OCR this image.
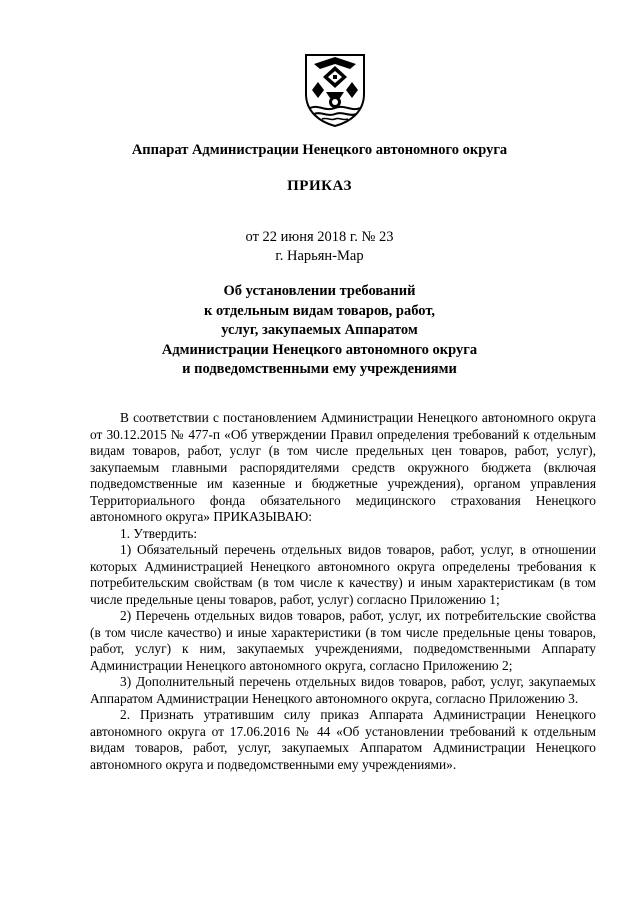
Аппарат Администрации Ненецкого автономного округа
ПРИКАЗ
от 22 июня 2018 г. № 23
г. Нарьян-Мар
Об установлении требований
к отдельным видам товаров, работ,
услуг, закупаемых Аппаратом
Администрации Ненецкого автономного округа
и подведомственными ему учреждениями

В соответствии с постановлением Администрации Ненецкого автономного округа от 30.12.2015 № 477-п «Об утверждении Правил определения требований к отдельным видам товаров, работ, услуг (в том числе предельных цен товаров, работ, услуг), закупаемым главными распорядителями средств окружного бюджета (включая подведомственные им казенные и бюджетные учреждения), органом управления Территориального фонда обязательного медицинского страхования Ненецкого автономного округа» ПРИКАЗЫВАЮ:

1. Утвердить:

1) Обязательный перечень отдельных видов товаров, работ, услуг, в отношении которых Администрацией Ненецкого автономного округа определены требования к потребительским свойствам (в том числе к качеству) и иным характеристикам (в том числе предельные цены товаров, работ, услуг) согласно Приложению 1;

2) Перечень отдельных видов товаров, работ, услуг, их потребительские свойства (в том числе качество) и иные характеристики (в том числе предельные цены товаров, работ, услуг) к ним, закупаемых учреждениями, подведомственными Аппарату Администрации Ненецкого автономного округа, согласно Приложению 2;

3) Дополнительный перечень отдельных видов товаров, работ, услуг, закупаемых Аппаратом Администрации Ненецкого автономного округа, согласно Приложению 3.

2. Признать утратившим силу приказ Аппарата Администрации Ненецкого автономного округа от 17.06.2016 № 44 «Об установлении требований к отдельным видам товаров, работ, услуг, закупаемых Аппаратом Администрации Ненецкого автономного округа и подведомственными ему учреждениями».
